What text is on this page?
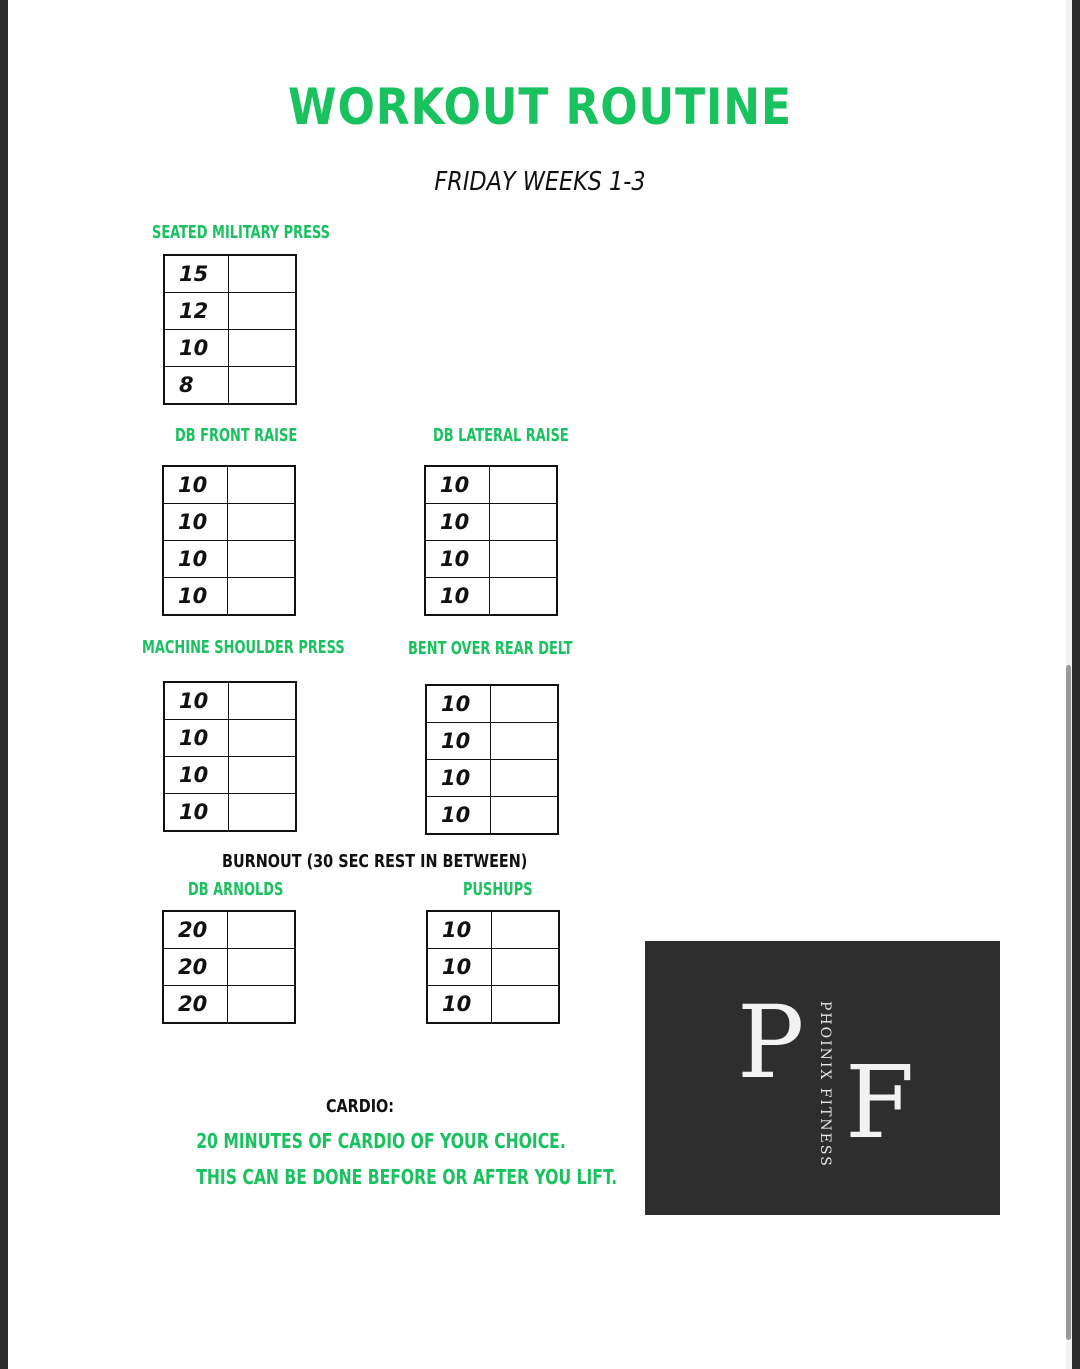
WORKOUT ROUTINE
FRIDAY WEEKS 1-3
SEATED MILITARY PRESS
15	
12	
10	
8	
DB FRONT RAISE
10	
10	
10	
10	
DB LATERAL RAISE
10	
10	
10	
10	
MACHINE SHOULDER PRESS
10	
10	
10	
10	
BENT OVER REAR DELT
10	
10	
10	
10	
BURNOUT (30 SEC REST IN BETWEEN)
DB ARNOLDS
20	
20	
20	
PUSHUPS
10	
10	
10	
CARDIO:
20 MINUTES OF CARDIO OF YOUR CHOICE.
THIS CAN BE DONE BEFORE OR AFTER YOU LIFT.
P PHOINIX FITNESS F
